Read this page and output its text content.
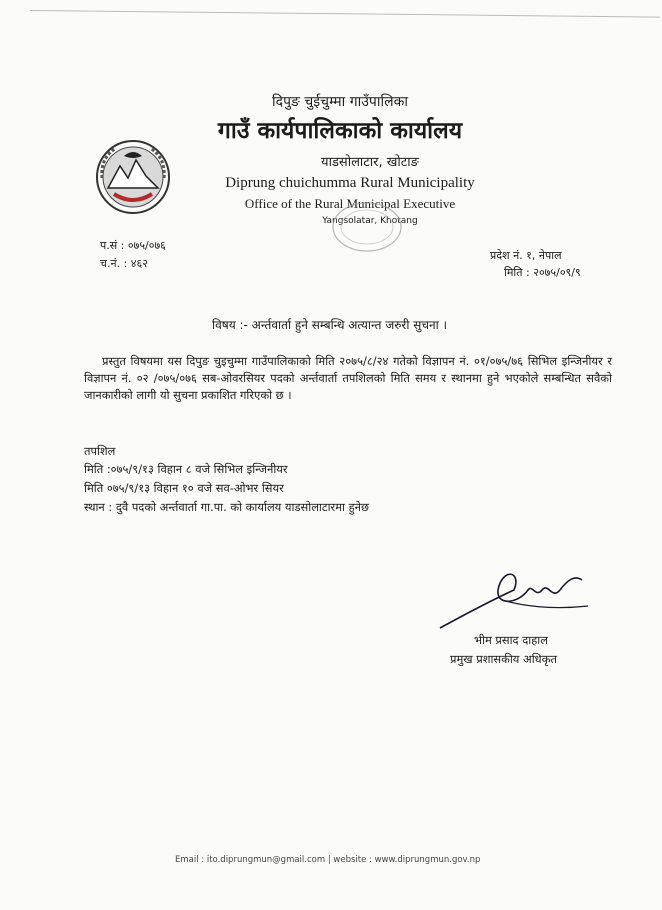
दिपुङ चुईचुम्मा गाउँपालिका
गाउँ कार्यपालिकाको कार्यालय
याडसोलाटार, खोटाङ
Diprung chuichumma Rural Municipality
Office of the Rural Municipal Executive
Yangsolatar, Khotang
प.सं : ०७५/०७६
च.नं. : ४६२
प्रदेश नं. १, नेपाल
मिति : २०७५/०९/९
विषय :- अर्न्तवार्ता हुने सम्बन्धि अत्यान्त जरुरी सुचना ।
प्रस्तुत विषयमा यस दिपुङ चुइचुम्मा गाउँपालिकाको मिति २०७५/८/२४ गतेको विज्ञापन नं. ०१/०७५/७६ सिभिल इन्जिनीयर र विज्ञापन नं. ०२ /०७५/०७६ सब-ओवरसियर पदको अर्न्तवार्ता तपशिलको मिति समय र स्थानमा हुने भएकोले सम्बन्धित सवैको जानकारीको लागी यो सुचना प्रकाशित गरिएको छ ।
तपशिल
मिति :०७५/९/१३ विहान ८ वजे सिभिल इन्जिनीयर
मिति ०७५/९/१३ विहान १० वजे सव-ओभर सियर
स्थान : दुवै पदको अर्न्तवार्ता गा.पा. को कार्यालय याडसोलाटारमा हुनेछ
भीम प्रसाद दाहाल
प्रमुख प्रशासकीय अधिकृत
Email : ito.diprungmun@gmail.com | website : www.diprungmun.gov.np
